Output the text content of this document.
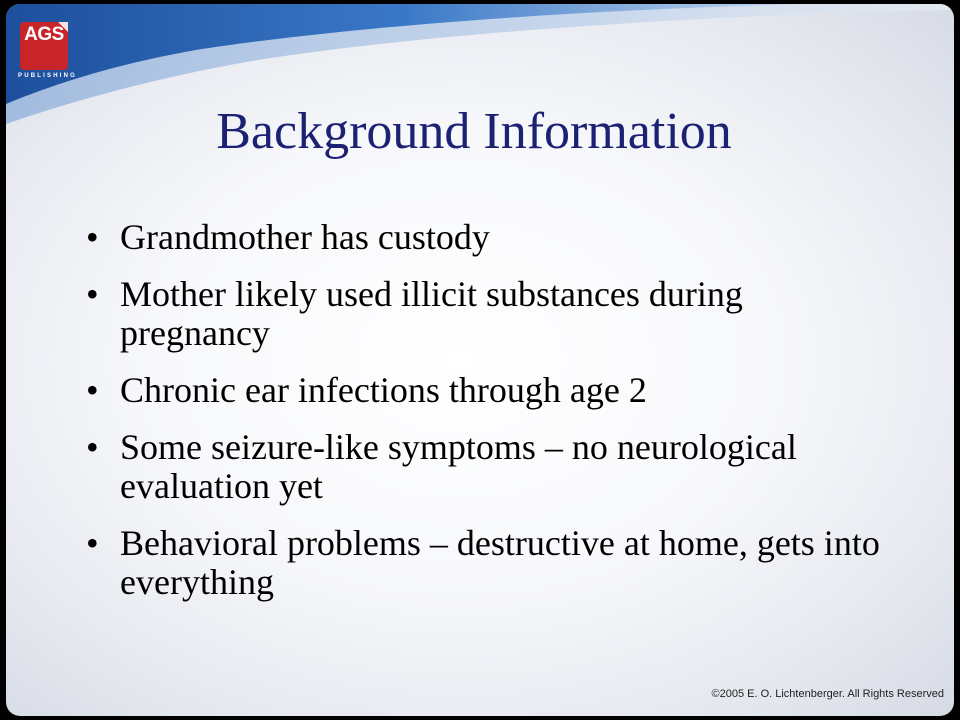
AGS
PUBLISHING
Background Information
• Grandmother has custody
• Mother likely used illicit substances during pregnancy
• Chronic ear infections through age 2
• Some seizure-like symptoms – no neurological evaluation yet
• Behavioral problems – destructive at home, gets into everything
©2005 E. O. Lichtenberger. All Rights Reserved
